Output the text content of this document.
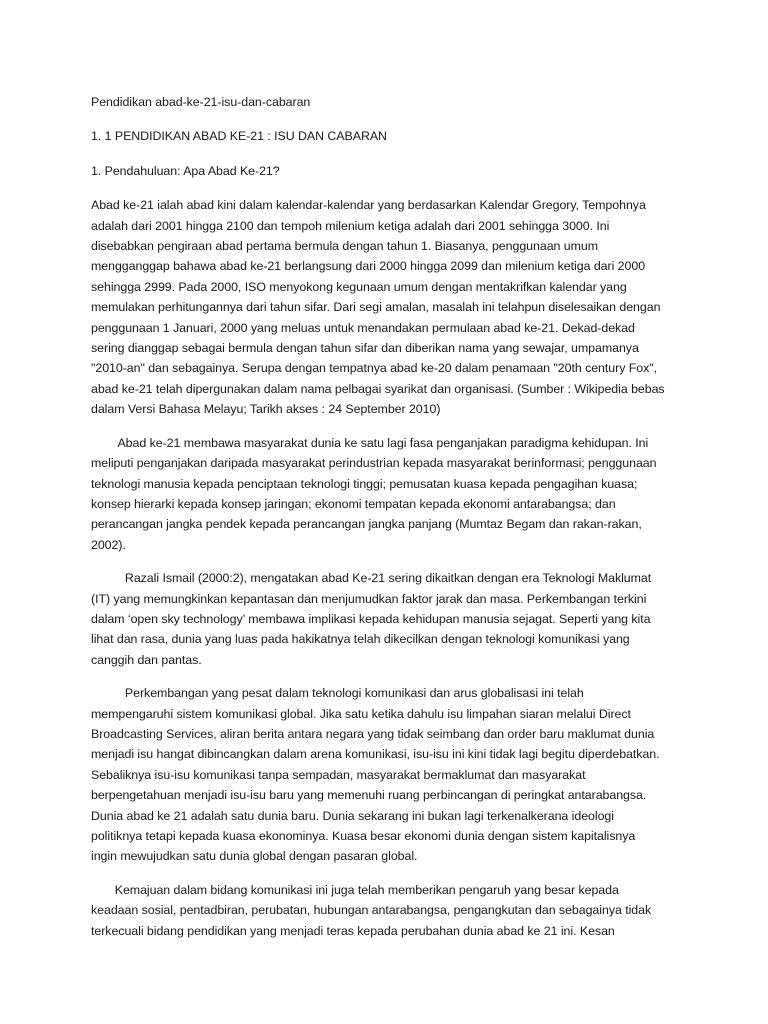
Pendidikan abad-ke-21-isu-dan-cabaran

1. 1 PENDIDIKAN ABAD KE-21 : ISU DAN CABARAN

1. Pendahuluan: Apa Abad Ke-21?

Abad ke-21 ialah abad kini dalam kalendar-kalendar yang berdasarkan Kalendar Gregory, Tempohnya
adalah dari 2001 hingga 2100 dan tempoh milenium ketiga adalah dari 2001 sehingga 3000. Ini
disebabkan pengiraan abad pertama bermula dengan tahun 1. Biasanya, penggunaan umum
mengganggap bahawa abad ke-21 berlangsung dari 2000 hingga 2099 dan milenium ketiga dari 2000
sehingga 2999. Pada 2000, ISO menyokong kegunaan umum dengan mentakrifkan kalendar yang
memulakan perhitungannya dari tahun sifar. Dari segi amalan, masalah ini telahpun diselesaikan dengan
penggunaan 1 Januari, 2000 yang meluas untuk menandakan permulaan abad ke-21. Dekad-dekad
sering dianggap sebagai bermula dengan tahun sifar dan diberikan nama yang sewajar, umpamanya
"2010-an" dan sebagainya. Serupa dengan tempatnya abad ke-20 dalam penamaan "20th century Fox",
abad ke-21 telah dipergunakan dalam nama pelbagai syarikat dan organisasi. (Sumber : Wikipedia bebas
dalam Versi Bahasa Melayu; Tarikh akses : 24 September 2010)
Abad ke-21 membawa masyarakat dunia ke satu lagi fasa penganjakan paradigma kehidupan. Ini
meliputi penganjakan daripada masyarakat perindustrian kepada masyarakat berinformasi; penggunaan
teknologi manusia kepada penciptaan teknologi tinggi; pemusatan kuasa kepada pengagihan kuasa;
konsep hierarki kepada konsep jaringan; ekonomi tempatan kepada ekonomi antarabangsa; dan
perancangan jangka pendek kepada perancangan jangka panjang (Mumtaz Begam dan rakan-rakan,
2002).
Razali Ismail (2000:2), mengatakan abad Ke-21 sering dikaitkan dengan era Teknologi Maklumat
(IT) yang memungkinkan kepantasan dan menjumudkan faktor jarak dan masa. Perkembangan terkini
dalam ‘open sky technology’ membawa implikasi kepada kehidupan manusia sejagat. Seperti yang kita
lihat dan rasa, dunia yang luas pada hakikatnya telah dikecilkan dengan teknologi komunikasi yang
canggih dan pantas.
Perkembangan yang pesat dalam teknologi komunikasi dan arus globalisasi ini telah
mempengaruhi sistem komunikasi global. Jika satu ketika dahulu isu limpahan siaran melalui Direct
Broadcasting Services, aliran berita antara negara yang tidak seimbang dan order baru maklumat dunia
menjadi isu hangat dibincangkan dalam arena komunikasi, isu-isu ini kini tidak lagi begitu diperdebatkan.
Sebaliknya isu-isu komunikasi tanpa sempadan, masyarakat bermaklumat dan masyarakat
berpengetahuan menjadi isu-isu baru yang memenuhi ruang perbincangan di peringkat antarabangsa.
Dunia abad ke 21 adalah satu dunia baru. Dunia sekarang ini bukan lagi terkenalkerana ideologi
politiknya tetapi kepada kuasa ekonominya. Kuasa besar ekonomi dunia dengan sistem kapitalisnya
ingin mewujudkan satu dunia global dengan pasaran global.
Kemajuan dalam bidang komunikasi ini juga telah memberikan pengaruh yang besar kepada
keadaan sosial, pentadbiran, perubatan, hubungan antarabangsa, pengangkutan dan sebagainya tidak
terkecuali bidang pendidikan yang menjadi teras kepada perubahan dunia abad ke 21 ini. Kesan
